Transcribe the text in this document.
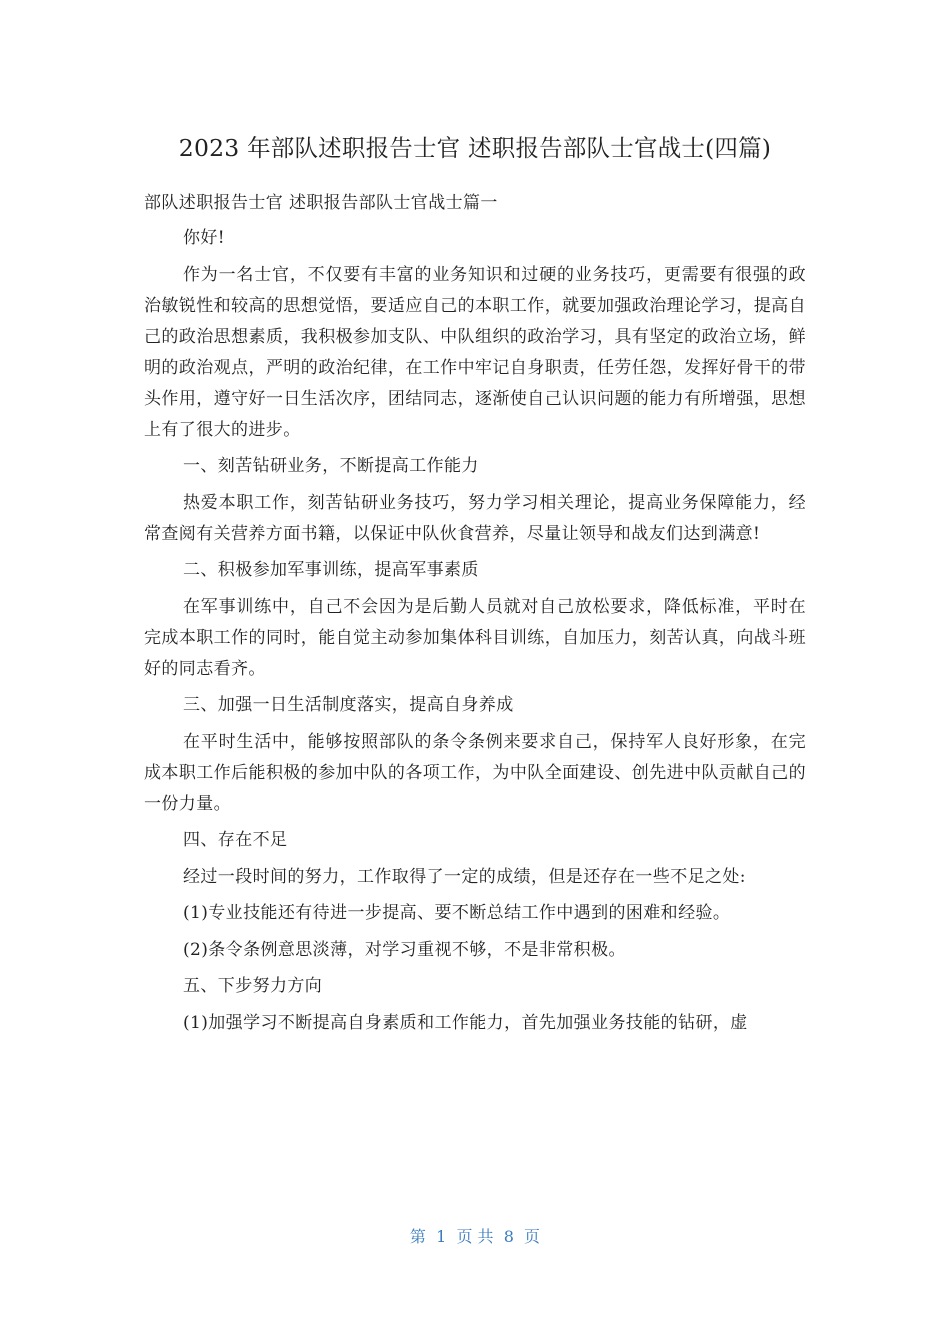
2023 年部队述职报告士官 述职报告部队士官战士(四篇)

部队述职报告士官 述职报告部队士官战士篇一

你好!

作为一名士官，不仅要有丰富的业务知识和过硬的业务技巧，更需要有很强的政治敏锐性和较高的思想觉悟，要适应自己的本职工作，就要加强政治理论学习，提高自己的政治思想素质，我积极参加支队、中队组织的政治学习，具有坚定的政治立场，鲜明的政治观点，严明的政治纪律，在工作中牢记自身职责，任劳任怨，发挥好骨干的带头作用，遵守好一日生活次序，团结同志，逐渐使自己认识问题的能力有所增强，思想上有了很大的进步。

一、刻苦钻研业务，不断提高工作能力

热爱本职工作，刻苦钻研业务技巧，努力学习相关理论，提高业务保障能力，经常查阅有关营养方面书籍，以保证中队伙食营养，尽量让领导和战友们达到满意!

二、积极参加军事训练，提高军事素质

在军事训练中，自己不会因为是后勤人员就对自己放松要求，降低标准，平时在完成本职工作的同时，能自觉主动参加集体科目训练，自加压力，刻苦认真，向战斗班好的同志看齐。

三、加强一日生活制度落实，提高自身养成

在平时生活中，能够按照部队的条令条例来要求自己，保持军人良好形象，在完成本职工作后能积极的参加中队的各项工作，为中队全面建设、创先进中队贡献自己的一份力量。

四、存在不足

经过一段时间的努力，工作取得了一定的成绩，但是还存在一些不足之处:

(1)专业技能还有待进一步提高、要不断总结工作中遇到的困难和经验。

(2)条令条例意思淡薄，对学习重视不够，不是非常积极。

五、下步努力方向

(1)加强学习不断提高自身素质和工作能力，首先加强业务技能的钻研，虚

第  1  页 共  8  页
